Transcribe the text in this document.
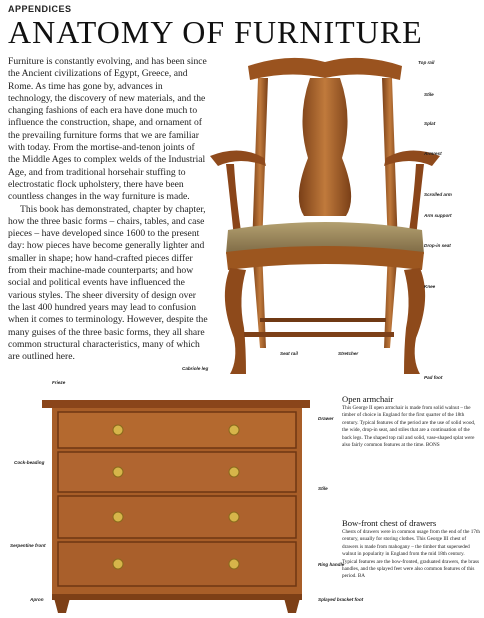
APPENDICES
ANATOMY OF FURNITURE

Furniture is constantly evolving, and has been since the Ancient civilizations of Egypt, Greece, and Rome. As time has gone by, advances in technology, the discovery of new materials, and the changing fashions of each era have done much to influence the construction, shape, and ornament of the prevailing furniture forms that we are familiar with today. From the mortise-and-tenon joints of the Middle Ages to complex welds of the Industrial Age, and from traditional horsehair stuffing to electrostatic flock upholstery, there have been countless changes in the way furniture is made.

This book has demonstrated, chapter by chapter, how the three basic forms – chairs, tables, and case pieces – have developed since 1600 to the present day: how pieces have become generally lighter and smaller in shape; how hand-crafted pieces differ from their machine-made counterparts; and how social and political events have influenced the various styles. The sheer diversity of design over the last 400 hundred years may lead to confusion when it comes to terminology. However, despite the many guises of the three basic forms, they all share common structural characteristics, many of which are outlined here.

Top rail
Stile
Splat
Armrest
Scrolled arm
Arm support
Drop-in seat
Knee
Seat rail	Stretcher
Cabriole leg
Pad foot
Open armchair

This George II open armchair is made from solid walnut – the timber of choice in England for the first quarter of the 18th century. Typical features of the period are the use of solid wood, the wide, drop-in seat, and stiles that are a continuation of the back legs. The shaped top rail and solid, vase-shaped splat were also fairly common features at the time. BONS

Frieze
Drawer
Cock-beading
Stile
Serpentine front
Ring handle
Apron	Splayed bracket foot
Bow-front chest of drawers

Chests of drawers were in common usage from the end of the 17th century, usually for storing clothes. This George III chest of drawers is made from mahogany – the timber that superseded walnut in popularity in England from the mid 18th century. Typical features are the bow-fronted, graduated drawers, the brass handles, and the splayed feet were also common features of this period. BA
